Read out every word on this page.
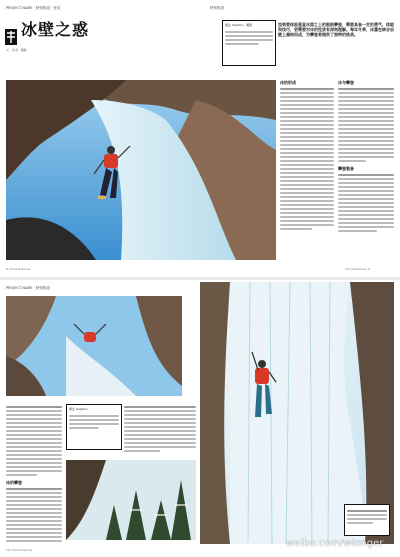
PROJECT NAME · 特别报道 · 登顶	特别报道
冰壁之惑
文 · 作者 · 摄影
图注 Caption · 摄影	如果要体验垂直冰面之上的极限攀登，需要具备一定的勇气、体能和技巧，更需要对冰的性质有深刻理解。每年冬季，冰瀑在峡谷岩壁上凝结而成，为攀登者提供了独特的挑战。
冰的形成	冰与攀登
攀登装备
8 China Explorer	China Explorer 9
PROJECT NAME · 特别报道
图注 Caption
冰的攀登
10 China Explorer
weibo.com/wlonger
